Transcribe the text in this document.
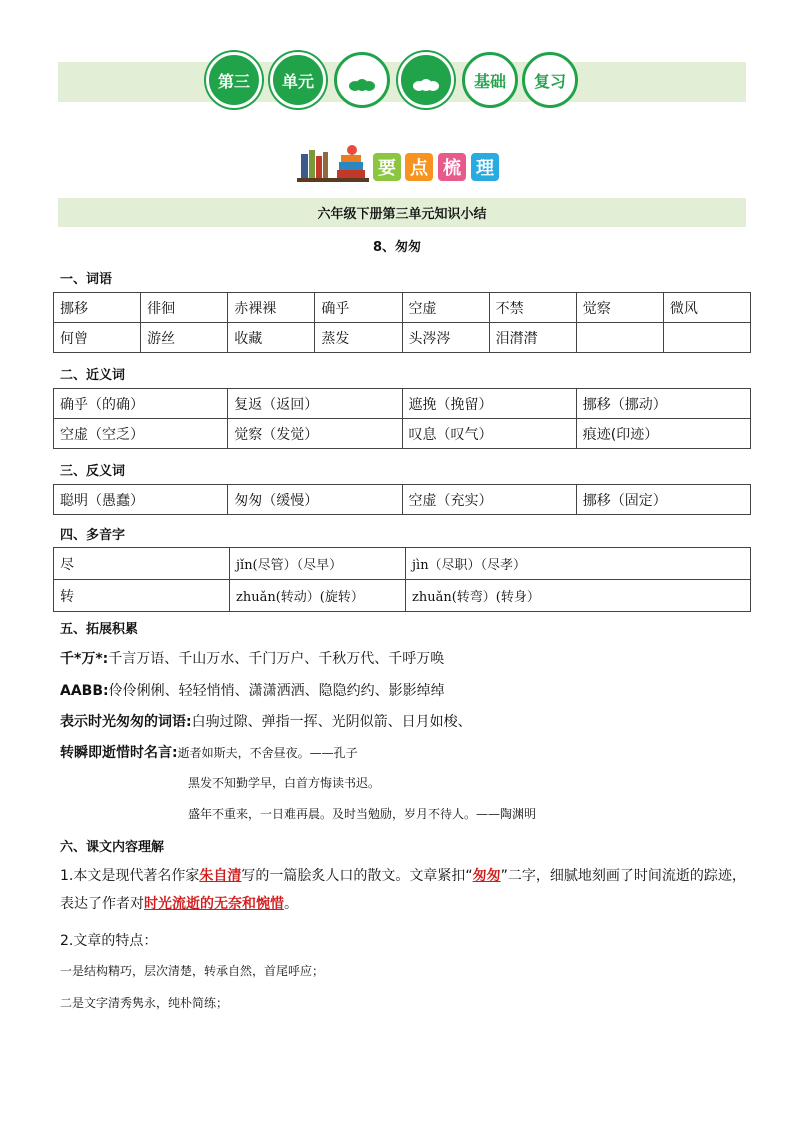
第三 单元	基础 复习
要 点 梳 理
六年级下册第三单元知识小结
8、匆匆
一、词语
挪移	徘徊	赤裸裸	确乎	空虚	不禁	觉察	微风
何曾	游丝	收藏	蒸发	头涔涔	泪潸潸		
二、近义词
确乎（的确）	复返（返回）	遮挽（挽留）	挪移（挪动）
空虚（空乏）	觉察（发觉）	叹息（叹气）	痕迹(印迹）
三、反义词
聪明（愚蠢）	匆匆（缓慢）	空虚（充实）	挪移（固定）
四、多音字
尽	jǐn(尽管）（尽早）	jìn（尽职）（尽孝）
转	zhuǎn(转动）(旋转）	zhuǎn(转弯）(转身）
五、拓展积累
千*万*:千言万语、千山万水、千门万户、千秋万代、千呼万唤
AABB:伶伶俐俐、轻轻悄悄、潇潇洒洒、隐隐约约、影影绰绰
表示时光匆匆的词语:白驹过隙、弹指一挥、光阴似箭、日月如梭、
转瞬即逝惜时名言:逝者如斯夫，不舍昼夜。——孔子
黑发不知勤学早，白首方悔读书迟。
盛年不重来，一日难再晨。及时当勉励，岁月不待人。——陶渊明
六、课文内容理解
1.本文是现代著名作家朱自清写的一篇脍炙人口的散文。文章紧扣“匆匆”二字，细腻地刻画了时间流逝的踪迹，表达了作者对时光流逝的无奈和惋惜。
2.文章的特点：
一是结构精巧，层次清楚，转承自然，首尾呼应；
二是文字清秀隽永，纯朴简练；
